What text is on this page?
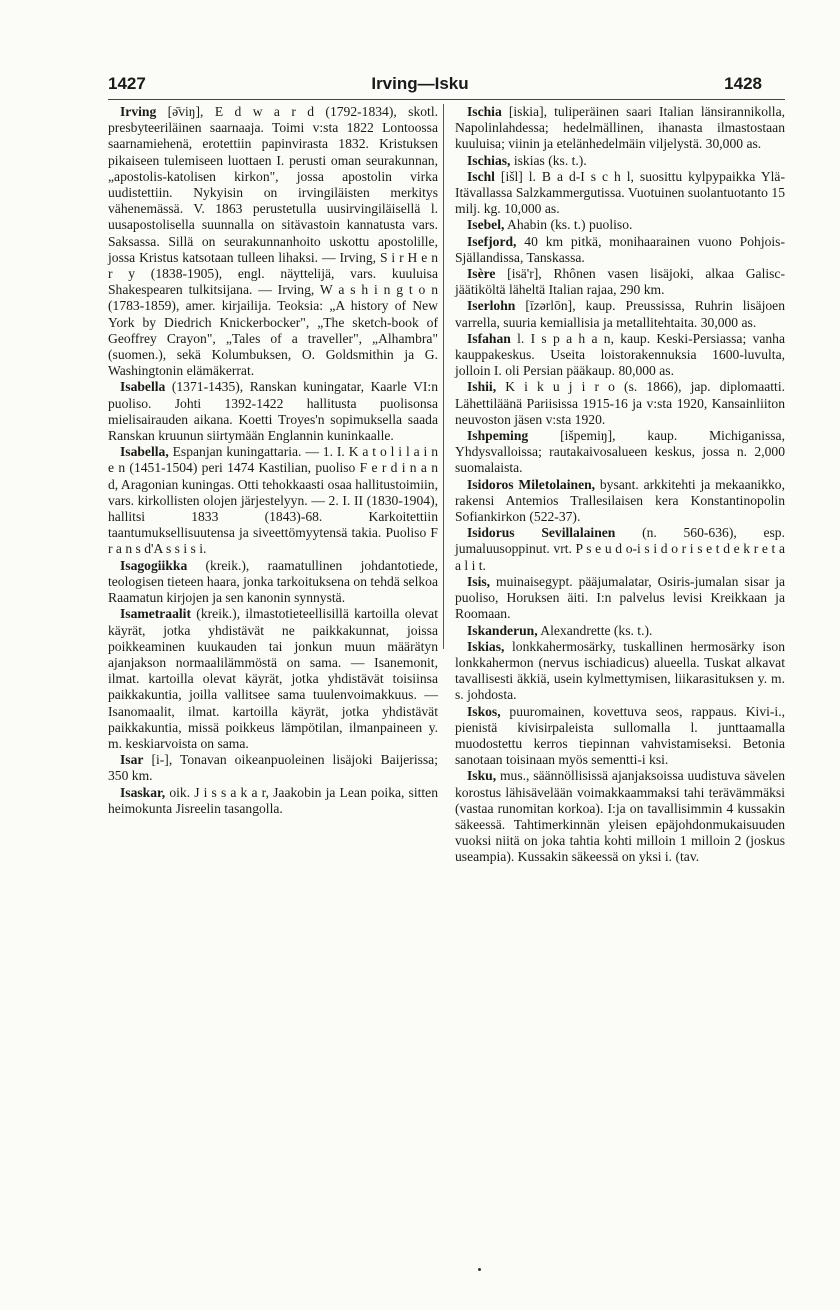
1427	Irving—Isku	1428

Irving [ə̄viŋ], E d w a r d (1792-1834), skotl. presbyteeriläinen saarnaaja. Toimi v:sta 1822 Lontoossa saarnamiehenä, erotettiin papinvirasta 1832. Kristuksen pikaiseen tulemiseen luottaen I. perusti oman seurakunnan, „apostolis-katolisen kirkon", jossa apostolin virka uudistettiin. Nykyisin on irvingiläisten merkitys vähenemässä. V. 1863 perustetulla uusirvingiläisellä l. uusapostolisella suunnalla on sitävastoin kannatusta vars. Saksassa. Sillä on seurakunnanhoito uskottu apostolille, jossa Kristus katsotaan tulleen lihaksi. — Irving, S i r H e n r y (1838-1905), engl. näyttelijä, vars. kuuluisa Shakespearen tulkitsijana. — Irving, W a s h i n g t o n (1783-1859), amer. kirjailija. Teoksia: „A history of New York by Diedrich Knickerbocker", „The sketch-book of Geoffrey Crayon", „Tales of a traveller", „Alhambra" (suomen.), sekä Kolumbuksen, O. Goldsmithin ja G. Washingtonin elämäkerrat.

Isabella (1371-1435), Ranskan kuningatar, Kaarle VI:n puoliso. Johti 1392-1422 hallitusta puolisonsa mielisairauden aikana. Koetti Troyes'n sopimuksella saada Ranskan kruunun siirtymään Englannin kuninkaalle.

Isabella, Espanjan kuningattaria. — 1. I. K a t o l i l a i n e n (1451-1504) peri 1474 Kastilian, puoliso F e r d i n a n d, Aragonian kuningas. Otti tehokkaasti osaa hallitustoimiin, vars. kirkollisten olojen järjestelyyn. — 2. I. II (1830-1904), hallitsi 1833 (1843)-68. Karkoitettiin taantumuksellisuutensa ja siveettömyytensä takia. Puoliso F r a n s d'A s s i s i.

Isagogiikka (kreik.), raamatullinen johdantotiede, teologisen tieteen haara, jonka tarkoituksena on tehdä selkoa Raamatun kirjojen ja sen kanonin synnystä.

Isametraalit (kreik.), ilmastotieteellisillä kartoilla olevat käyrät, jotka yhdistävät ne paikkakunnat, joissa poikkeaminen kuukauden tai jonkun muun määrätyn ajanjakson normaalilämmöstä on sama. — Isanemonit, ilmat. kartoilla olevat käyrät, jotka yhdistävät toisiinsa paikkakuntia, joilla vallitsee sama tuulenvoimakkuus. — Isanomaalit, ilmat. kartoilla käyrät, jotka yhdistävät paikkakuntia, missä poikkeus lämpötilan, ilmanpaineen y. m. keskiarvoista on sama.

Isar [i-], Tonavan oikeanpuoleinen lisäjoki Baijerissa; 350 km.

Isaskar, oik. J i s s a k a r, Jaakobin ja Lean poika, sitten heimokunta Jisreelin tasangolla.

Ischia [iskia], tuliperäinen saari Italian länsirannikolla, Napolinlahdessa; hedelmällinen, ihanasta ilmastostaan kuuluisa; viinin ja etelänhedelmäin viljelystä. 30,000 as.

Ischias, iskias (ks. t.).

Ischl [išl] l. B a d-I s c h l, suosittu kylpypaikka Ylä-Itävallassa Salzkammergutissa. Vuotuinen suolantuotanto 15 milj. kg. 10,000 as.

Isebel, Ahabin (ks. t.) puoliso.

Isefjord, 40 km pitkä, monihaarainen vuono Pohjois-Själlandissa, Tanskassa.

Isère [isä'r], Rhônen vasen lisäjoki, alkaa Galisc-jäätiköltä läheltä Italian rajaa, 290 km.

Iserlohn [īzərlōn], kaup. Preussissa, Ruhrin lisäjoen varrella, suuria kemiallisia ja metallitehtaita. 30,000 as.

Isfahan l. I s p a h a n, kaup. Keski-Persiassa; vanha kauppakeskus. Useita loistorakennuksia 1600-luvulta, jolloin I. oli Persian pääkaup. 80,000 as.

Ishii, K i k u j i r o (s. 1866), jap. diplomaatti. Lähettiläänä Pariisissa 1915-16 ja v:sta 1920, Kansainliiton neuvoston jäsen v:sta 1920.

Ishpeming [išpemiŋ], kaup. Michiganissa, Yhdysvalloissa; rautakaivosalueen keskus, jossa n. 2,000 suomalaista.

Isidoros Miletolainen, bysant. arkkitehti ja mekaanikko, rakensi Antemios Trallesilaisen kera Konstantinopolin Sofiankirkon (522-37).

Isidorus Sevillalainen (n. 560-636), esp. jumaluusoppinut. vrt. P s e u d o-i s i d o r i s e t d e k r e t a a l i t.

Isis, muinaisegypt. pääjumalatar, Osiris-jumalan sisar ja puoliso, Horuksen äiti. I:n palvelus levisi Kreikkaan ja Roomaan.

Iskanderun, Alexandrette (ks. t.).

Iskias, lonkkahermosärky, tuskallinen hermosärky ison lonkkahermon (nervus ischiadicus) alueella. Tuskat alkavat tavallisesti äkkiä, usein kylmettymisen, liikarasituksen y. m. s. johdosta.

Iskos, puuromainen, kovettuva seos, rappaus. Kivi-i., pienistä kivisirpaleista sullomalla l. junttaamalla muodostettu kerros tiepinnan vahvistamiseksi. Betonia sanotaan toisinaan myös sementti-i ksi.

Isku, mus., säännöllisissä ajanjaksoissa uudistuva sävelen korostus lähisävelään voimakkaammaksi tahi terävämmäksi (vastaa runomitan korkoa). I:ja on tavallisimmin 4 kussakin säkeessä. Tahtimerkinnän yleisen epäjohdonmukaisuuden vuoksi niitä on joka tahtia kohti milloin 1 milloin 2 (joskus useampia). Kussakin säkeessä on yksi i. (tav.
